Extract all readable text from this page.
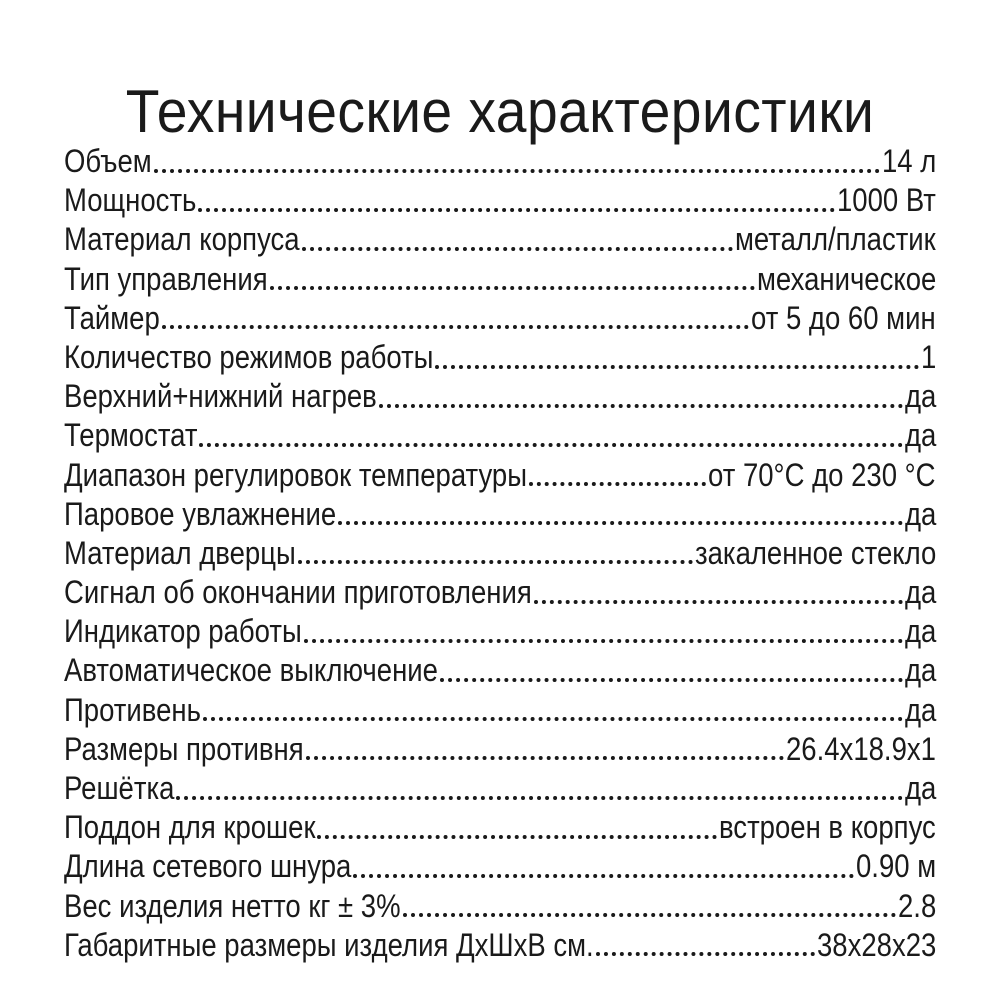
Технические характеристики
Объем	14 л
Мощность	1000 Вт
Материал корпуса	металл/пластик
Тип управления	механическое
Таймер	от 5 до 60 мин
Количество режимов работы	1
Верхний+нижний нагрев	да
Термостат	да
Диапазон регулировок температуры	от 70°С до 230 °С
Паровое увлажнение	да
Материал дверцы	закаленное стекло
Сигнал об окончании приготовления	да
Индикатор работы	да
Автоматическое выключение	да
Противень	да
Размеры противня	26.4x18.9x1
Решётка	да
Поддон для крошек	встроен в корпус
Длина сетевого шнура	0.90 м
Вес изделия нетто кг ± 3%	2.8
Габаритные размеры изделия ДхШхВ см.	38x28x23
